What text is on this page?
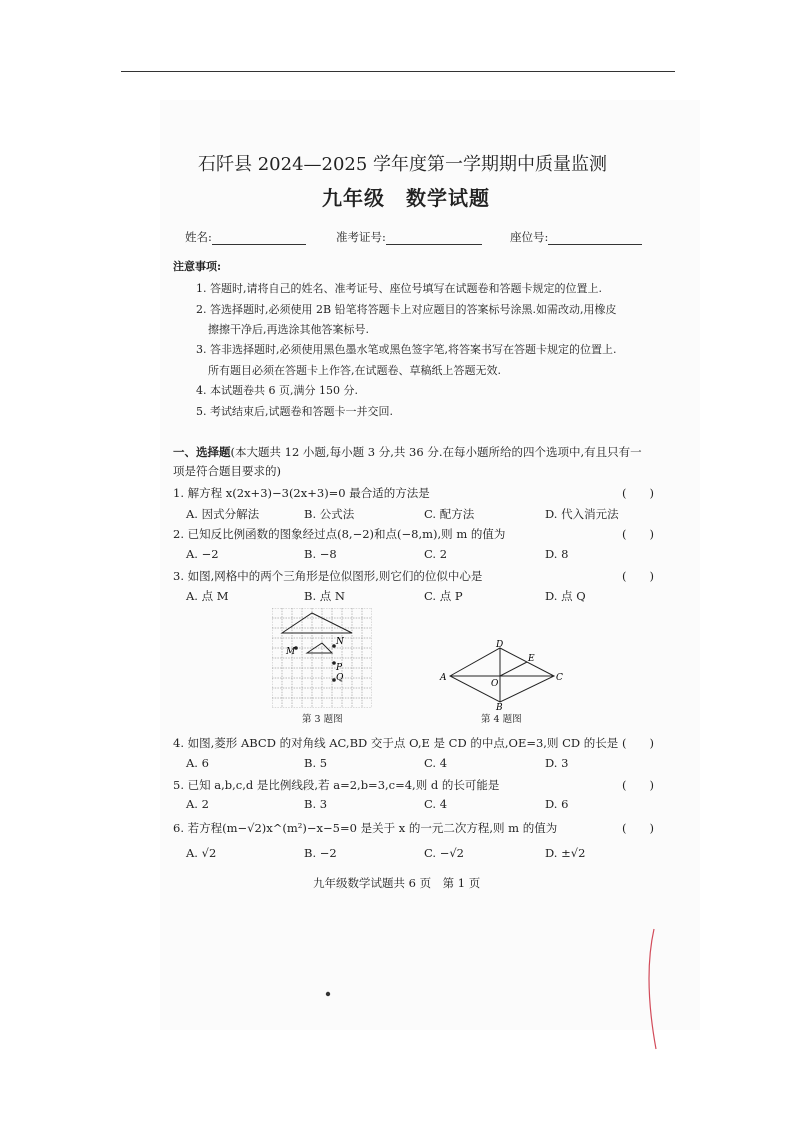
石阡县 2024—2025 学年度第一学期期中质量监测
九年级　数学试题
姓名:	准考证号:	座位号:
注意事项:
1. 答题时,请将自己的姓名、准考证号、座位号填写在试题卷和答题卡规定的位置上.
2. 答选择题时,必须使用 2B 铅笔将答题卡上对应题目的答案标号涂黑.如需改动,用橡皮
擦擦干净后,再选涂其他答案标号.
3. 答非选择题时,必须使用黑色墨水笔或黑色签字笔,将答案书写在答题卡规定的位置上.
所有题目必须在答题卡上作答,在试题卷、草稿纸上答题无效.
4. 本试题卷共 6 页,满分 150 分.
5. 考试结束后,试题卷和答题卡一并交回.
一、选择题(本大题共 12 小题,每小题 3 分,共 36 分.在每小题所给的四个选项中,有且只有一
项是符合题目要求的)
1. 解方程 x(2x+3)−3(2x+3)=0 最合适的方法是	(　　)
A. 因式分解法	B. 公式法	C. 配方法	D. 代入消元法
2. 已知反比例函数的图象经过点(8,−2)和点(−8,m),则 m 的值为	(　　)
A. −2	B. −8	C. 2	D. 8
3. 如图,网格中的两个三角形是位似图形,则它们的位似中心是	(　　)
A. 点 M	B. 点 N	C. 点 P	D. 点 Q
M
N
P
Q
第 3 题图
A
B
C
D
E
O
第 4 题图
4. 如图,菱形 ABCD 的对角线 AC,BD 交于点 O,E 是 CD 的中点,OE=3,则 CD 的长是 (　　)
A. 6	B. 5	C. 4	D. 3
5. 已知 a,b,c,d 是比例线段,若 a=2,b=3,c=4,则 d 的长可能是	(　　)
A. 2	B. 3	C. 4	D. 6
6. 若方程(m−√2)x^(m²)−x−5=0 是关于 x 的一元二次方程,则 m 的值为	(　　)
A. √2	B. −2	C. −√2	D. ±√2
九年级数学试题共 6 页　第 1 页
